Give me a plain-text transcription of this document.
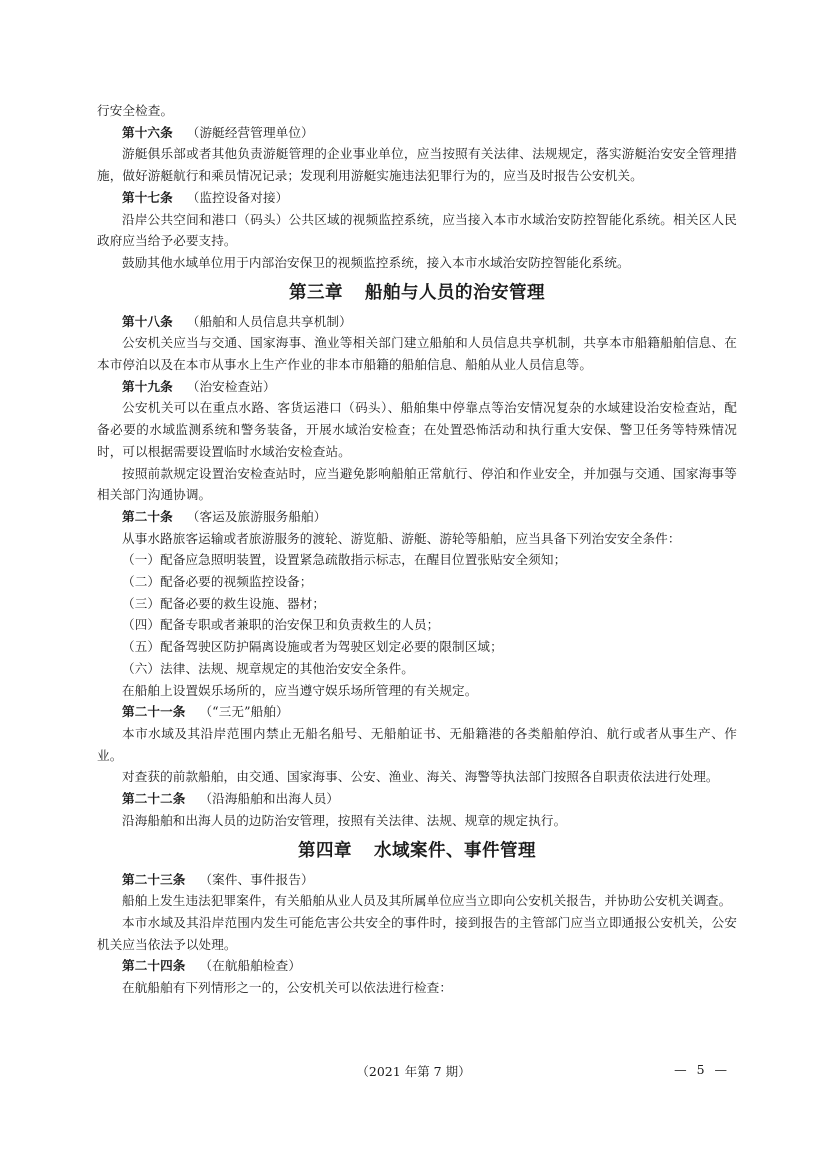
行安全检查。

第十六条 （游艇经营管理单位）

游艇俱乐部或者其他负责游艇管理的企业事业单位，应当按照有关法律、法规规定，落实游艇治安安全管理措施，做好游艇航行和乘员情况记录；发现利用游艇实施违法犯罪行为的，应当及时报告公安机关。

第十七条 （监控设备对接）

沿岸公共空间和港口（码头）公共区域的视频监控系统，应当接入本市水域治安防控智能化系统。相关区人民政府应当给予必要支持。

鼓励其他水域单位用于内部治安保卫的视频监控系统，接入本市水域治安防控智能化系统。

第三章 船舶与人员的治安管理

第十八条 （船舶和人员信息共享机制）

公安机关应当与交通、国家海事、渔业等相关部门建立船舶和人员信息共享机制，共享本市船籍船舶信息、在本市停泊以及在本市从事水上生产作业的非本市船籍的船舶信息、船舶从业人员信息等。

第十九条 （治安检查站）

公安机关可以在重点水路、客货运港口（码头）、船舶集中停靠点等治安情况复杂的水域建设治安检查站，配备必要的水域监测系统和警务装备，开展水域治安检查；在处置恐怖活动和执行重大安保、警卫任务等特殊情况时，可以根据需要设置临时水域治安检查站。

按照前款规定设置治安检查站时，应当避免影响船舶正常航行、停泊和作业安全，并加强与交通、国家海事等相关部门沟通协调。

第二十条 （客运及旅游服务船舶）

从事水路旅客运输或者旅游服务的渡轮、游览船、游艇、游轮等船舶，应当具备下列治安安全条件：

（一）配备应急照明装置，设置紧急疏散指示标志，在醒目位置张贴安全须知；

（二）配备必要的视频监控设备；

（三）配备必要的救生设施、器材；

（四）配备专职或者兼职的治安保卫和负责救生的人员；

（五）配备驾驶区防护隔离设施或者为驾驶区划定必要的限制区域；

（六）法律、法规、规章规定的其他治安安全条件。

在船舶上设置娱乐场所的，应当遵守娱乐场所管理的有关规定。

第二十一条 （“三无”船舶）

本市水域及其沿岸范围内禁止无船名船号、无船舶证书、无船籍港的各类船舶停泊、航行或者从事生产、作业。

对查获的前款船舶，由交通、国家海事、公安、渔业、海关、海警等执法部门按照各自职责依法进行处理。

第二十二条 （沿海船舶和出海人员）

沿海船舶和出海人员的边防治安管理，按照有关法律、法规、规章的规定执行。

第四章 水域案件、事件管理

第二十三条 （案件、事件报告）

船舶上发生违法犯罪案件，有关船舶从业人员及其所属单位应当立即向公安机关报告，并协助公安机关调查。

本市水域及其沿岸范围内发生可能危害公共安全的事件时，接到报告的主管部门应当立即通报公安机关，公安机关应当依法予以处理。

第二十四条 （在航船舶检查）

在航船舶有下列情形之一的，公安机关可以依法进行检查：

（2021 年第 7 期）	— 5 —
